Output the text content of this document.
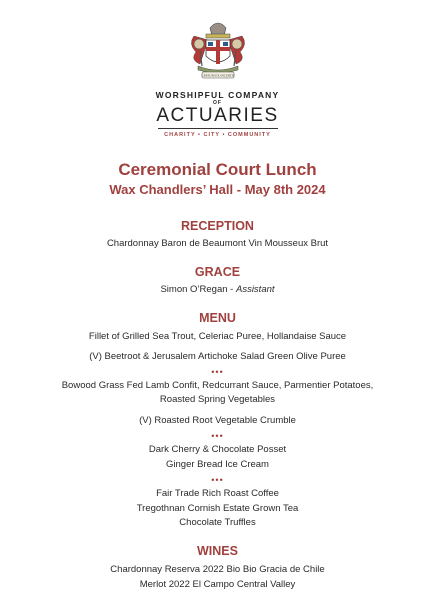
CERTUM EX INCERTIS
WORSHIPFUL COMPANY
OF
ACTUARIES
CHARITY • CITY • COMMUNITY
Ceremonial Court Lunch
Wax Chandlers’ Hall - May 8th 2024
RECEPTION
Chardonnay Baron de Beaumont Vin Mousseux Brut
GRACE
Simon O’Regan - Assistant
MENU
Fillet of Grilled Sea Trout, Celeriac Puree, Hollandaise Sauce
(V) Beetroot & Jerusalem Artichoke Salad Green Olive Puree
•••
Bowood Grass Fed Lamb Confit, Redcurrant Sauce, Parmentier Potatoes,
Roasted Spring Vegetables
(V) Roasted Root Vegetable Crumble
•••
Dark Cherry & Chocolate Posset
Ginger Bread Ice Cream
•••
Fair Trade Rich Roast Coffee
Tregothnan Cornish Estate Grown Tea
Chocolate Truffles
WINES
Chardonnay Reserva 2022 Bio Bio Gracia de Chile
Merlot 2022 El Campo Central Valley
